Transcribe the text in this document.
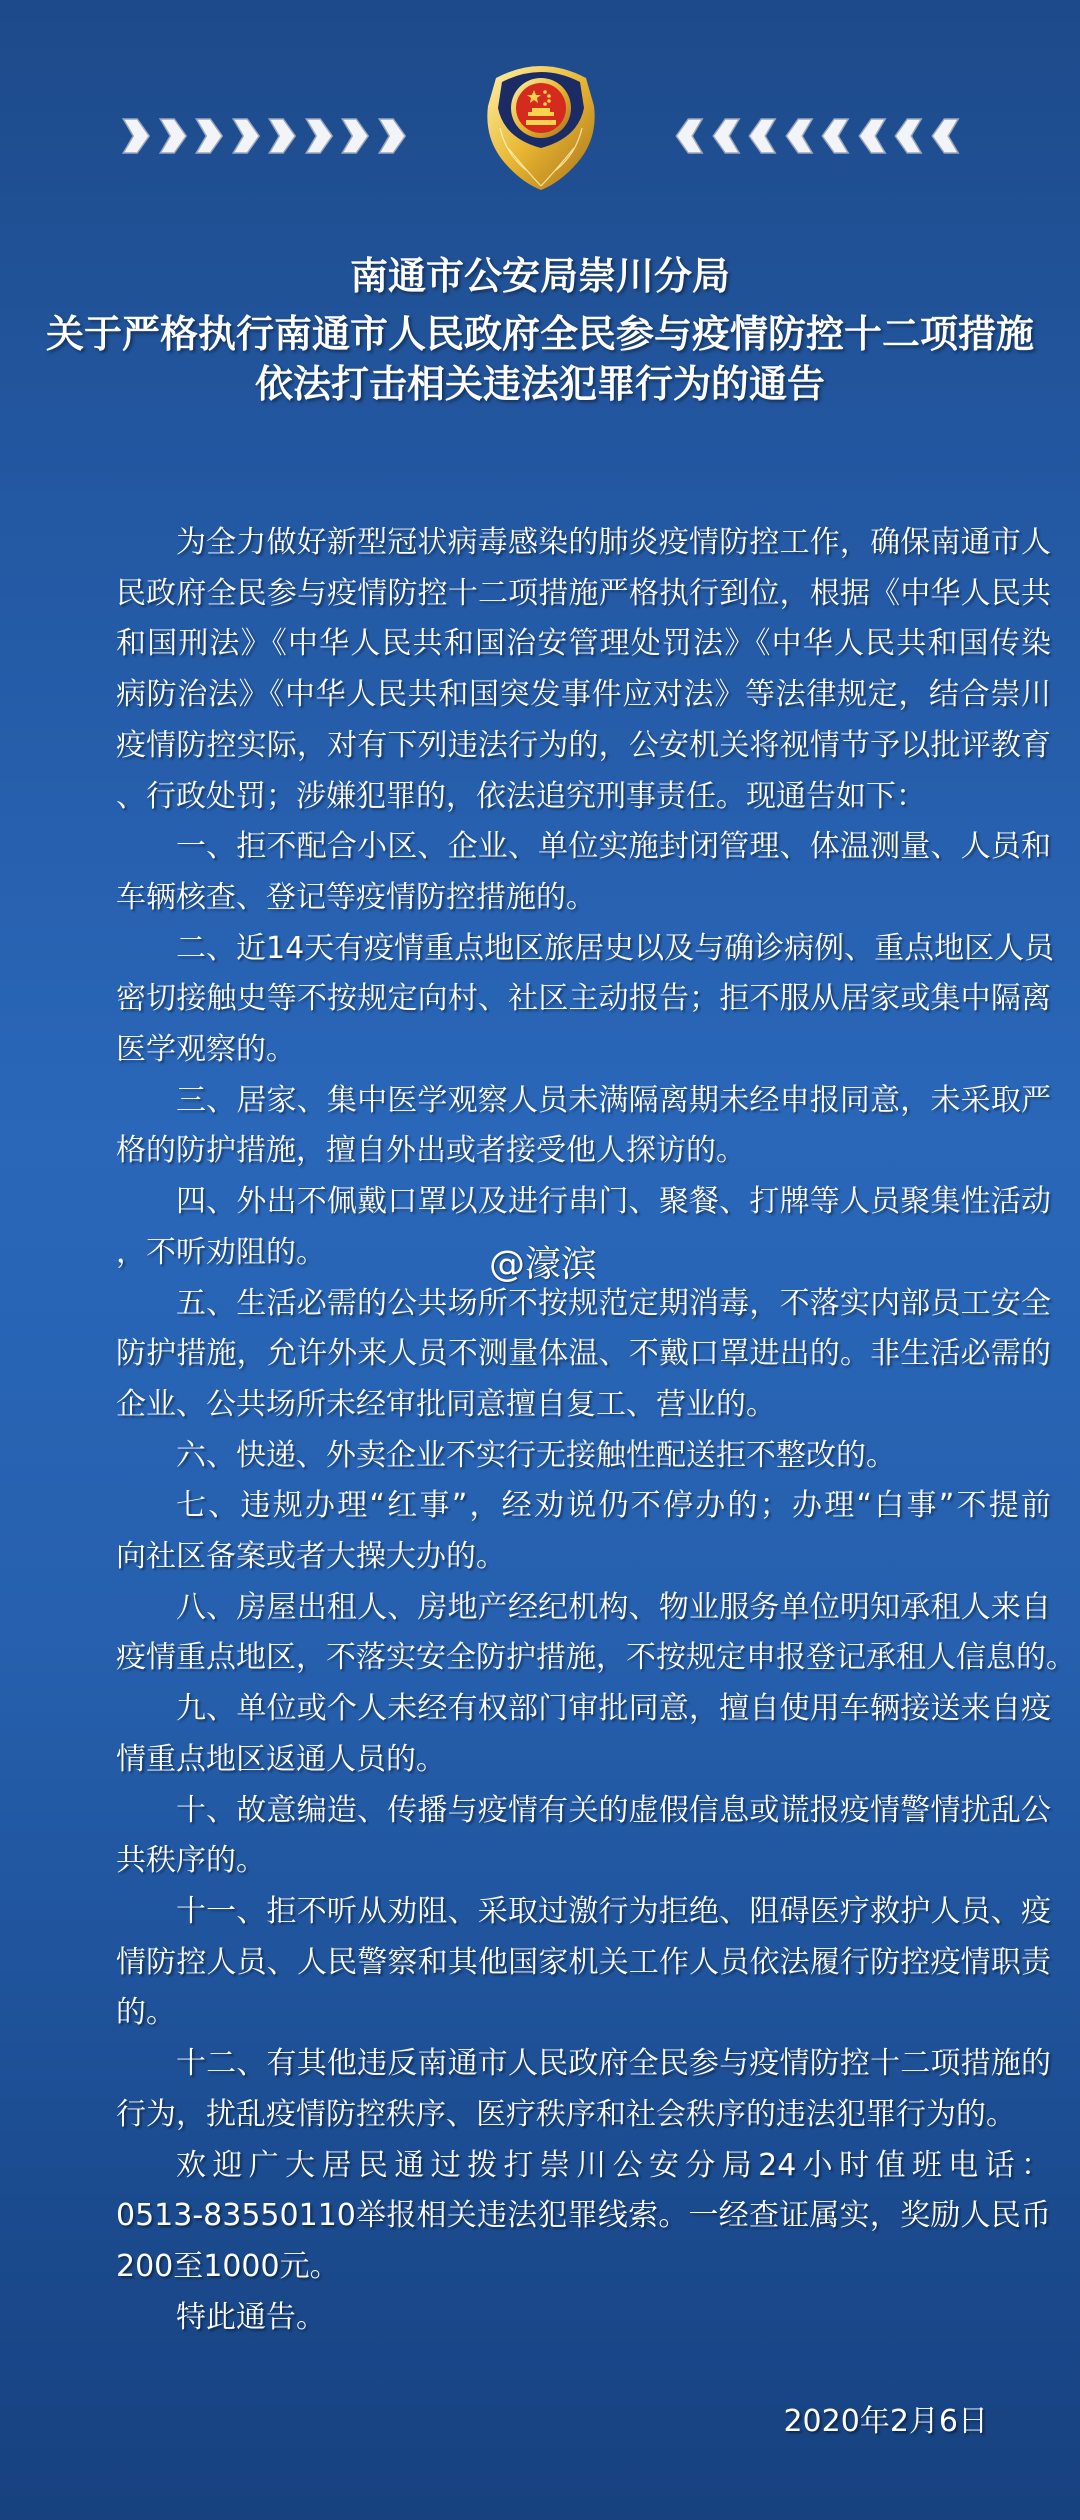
南通市公安局崇川分局
关于严格执行南通市人民政府全民参与疫情防控十二项措施
依法打击相关违法犯罪行为的通告
为全力做好新型冠状病毒感染的肺炎疫情防控工作，确保南通市人
民政府全民参与疫情防控十二项措施严格执行到位，根据《中华人民共
和国刑法》《中华人民共和国治安管理处罚法》《中华人民共和国传染
病防治法》《中华人民共和国突发事件应对法》等法律规定，结合崇川
疫情防控实际，对有下列违法行为的，公安机关将视情节予以批评教育
、行政处罚；涉嫌犯罪的，依法追究刑事责任。现通告如下：
一、拒不配合小区、企业、单位实施封闭管理、体温测量、人员和
车辆核查、登记等疫情防控措施的。
二、近14天有疫情重点地区旅居史以及与确诊病例、重点地区人员
密切接触史等不按规定向村、社区主动报告；拒不服从居家或集中隔离
医学观察的。
三、居家、集中医学观察人员未满隔离期未经申报同意，未采取严
格的防护措施，擅自外出或者接受他人探访的。
四、外出不佩戴口罩以及进行串门、聚餐、打牌等人员聚集性活动
，不听劝阻的。
五、生活必需的公共场所不按规范定期消毒，不落实内部员工安全
防护措施，允许外来人员不测量体温、不戴口罩进出的。非生活必需的
企业、公共场所未经审批同意擅自复工、营业的。
六、快递、外卖企业不实行无接触性配送拒不整改的。
七、违规办理“红事”，经劝说仍不停办的；办理“白事”不提前
向社区备案或者大操大办的。
八、房屋出租人、房地产经纪机构、物业服务单位明知承租人来自
疫情重点地区，不落实安全防护措施，不按规定申报登记承租人信息的。
九、单位或个人未经有权部门审批同意，擅自使用车辆接送来自疫
情重点地区返通人员的。
十、故意编造、传播与疫情有关的虚假信息或谎报疫情警情扰乱公
共秩序的。
十一、拒不听从劝阻、采取过激行为拒绝、阻碍医疗救护人员、疫
情防控人员、人民警察和其他国家机关工作人员依法履行防控疫情职责
的。
十二、有其他违反南通市人民政府全民参与疫情防控十二项措施的
行为，扰乱疫情防控秩序、医疗秩序和社会秩序的违法犯罪行为的。
欢迎广大居民通过拨打崇川公安分局24小时值班电话：
0513-83550110举报相关违法犯罪线索。一经查证属实，奖励人民币
200至1000元。
特此通告。
@濠滨
2020年2月6日
